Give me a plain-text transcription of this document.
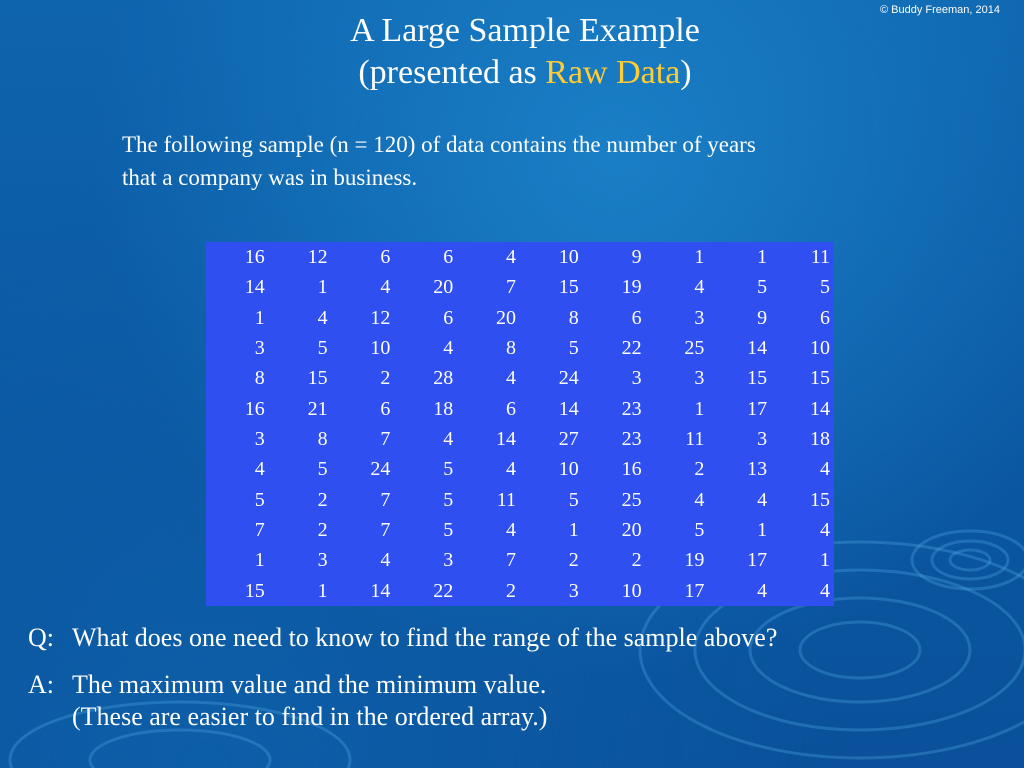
© Buddy Freeman, 2014
A Large Sample Example
(presented as Raw Data)
The following sample (n = 120) of data contains the number of years
that a company was in business.
16	12	6	6	4	10	9	1	1	11
14	1	4	20	7	15	19	4	5	5
1	4	12	6	20	8	6	3	9	6
3	5	10	4	8	5	22	25	14	10
8	15	2	28	4	24	3	3	15	15
16	21	6	18	6	14	23	1	17	14
3	8	7	4	14	27	23	11	3	18
4	5	24	5	4	10	16	2	13	4
5	2	7	5	11	5	25	4	4	15
7	2	7	5	4	1	20	5	1	4
1	3	4	3	7	2	2	19	17	1
15	1	14	22	2	3	10	17	4	4
Q: What does one need to know to find the range of the sample above?
A: The maximum value and the minimum value.
(These are easier to find in the ordered array.)
